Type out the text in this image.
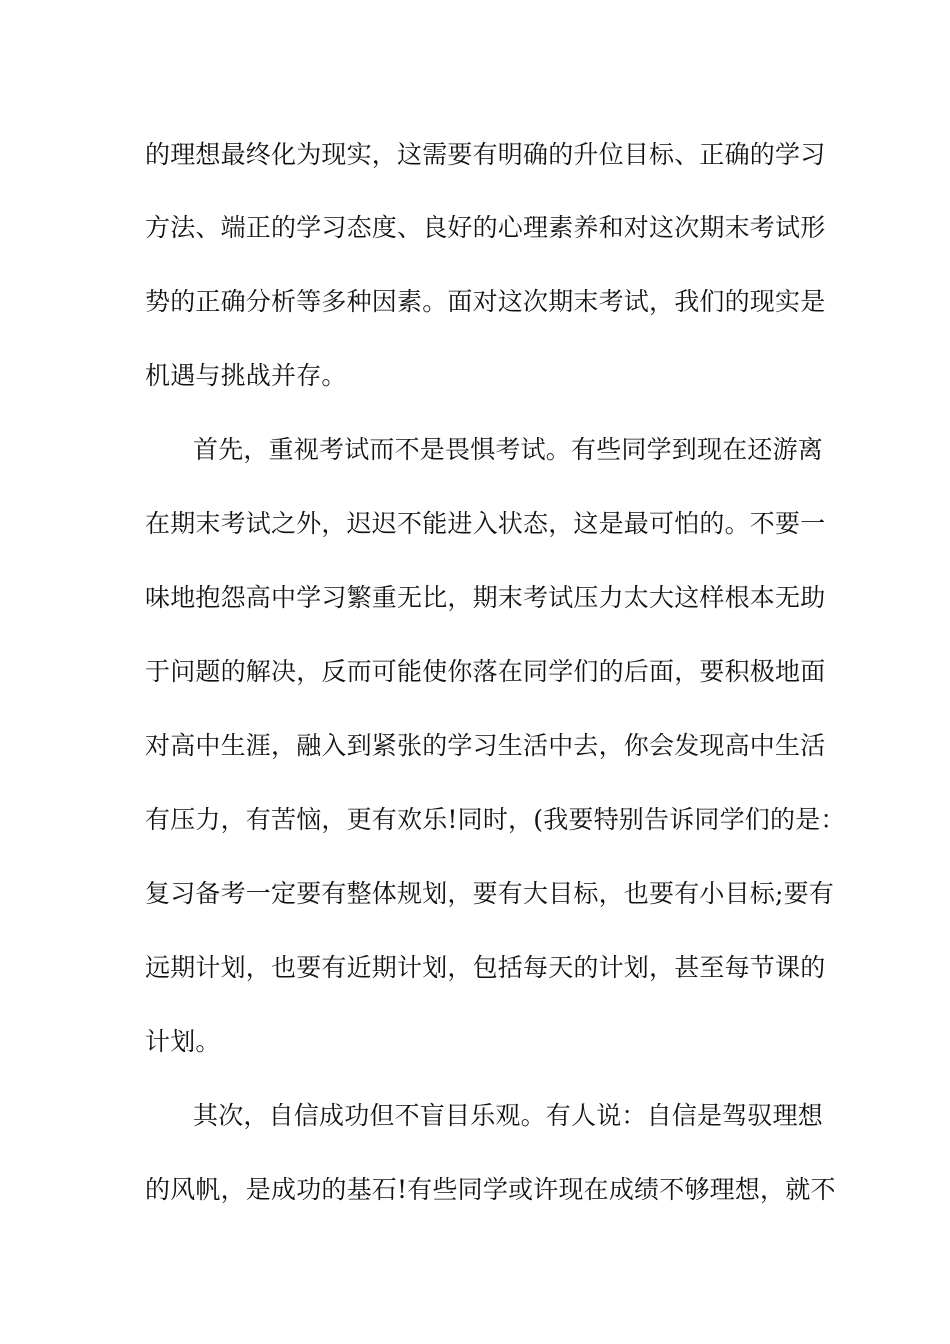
的理想最终化为现实，这需要有明确的升位目标、正确的学习
方法、端正的学习态度、良好的心理素养和对这次期末考试形
势的正确分析等多种因素。面对这次期末考试，我们的现实是
机遇与挑战并存。
首先，重视考试而不是畏惧考试。有些同学到现在还游离
在期末考试之外，迟迟不能进入状态，这是最可怕的。不要一
味地抱怨高中学习繁重无比，期末考试压力太大这样根本无助
于问题的解决，反而可能使你落在同学们的后面，要积极地面
对高中生涯，融入到紧张的学习生活中去，你会发现高中生活
有压力，有苦恼，更有欢乐!同时，(我要特别告诉同学们的是：
复习备考一定要有整体规划，要有大目标，也要有小目标;要有
远期计划，也要有近期计划，包括每天的计划，甚至每节课的
计划。
其次，自信成功但不盲目乐观。有人说：自信是驾驭理想
的风帆，是成功的基石!有些同学或许现在成绩不够理想，就不
